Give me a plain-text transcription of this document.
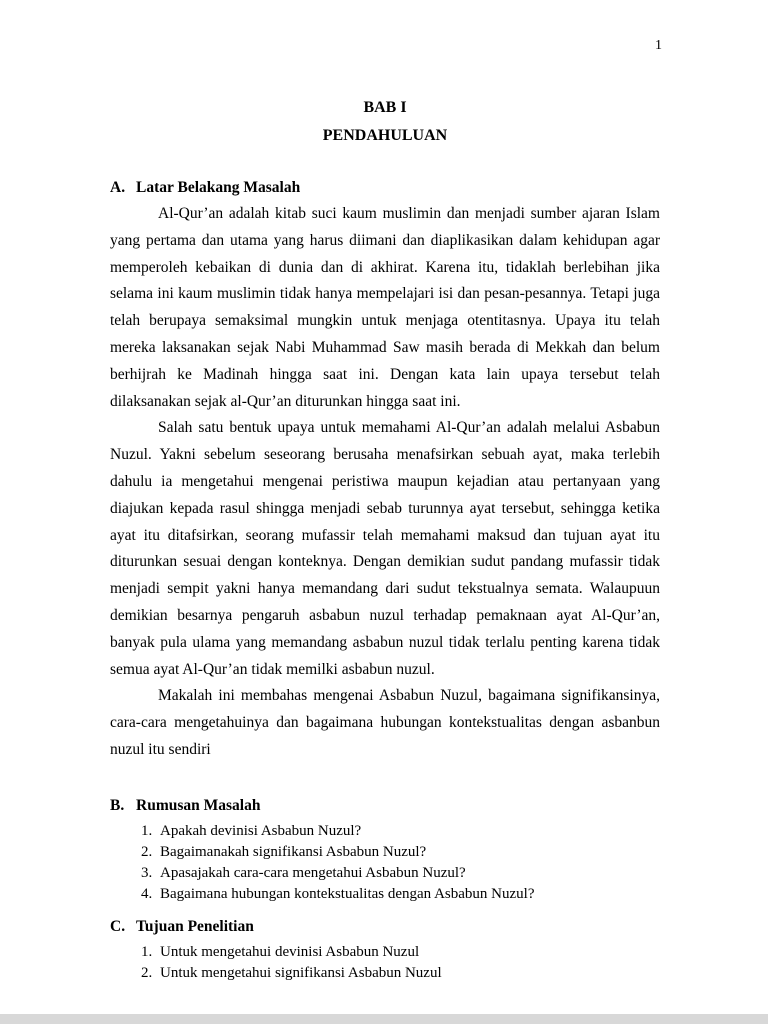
1
BAB I
PENDAHULUAN

A. Latar Belakang Masalah

Al-Qur’an adalah kitab suci kaum muslimin dan menjadi sumber ajaran Islam yang pertama dan utama yang harus diimani dan diaplikasikan dalam kehidupan agar memperoleh kebaikan di dunia dan di akhirat. Karena itu, tidaklah berlebihan jika selama ini kaum muslimin tidak hanya mempelajari isi dan pesan-pesannya. Tetapi juga telah berupaya semaksimal mungkin untuk menjaga otentitasnya. Upaya itu telah mereka laksanakan sejak Nabi Muhammad Saw masih berada di Mekkah dan belum berhijrah ke Madinah hingga saat ini. Dengan kata lain upaya tersebut telah dilaksanakan sejak al-Qur’an diturunkan hingga saat ini.

Salah satu bentuk upaya untuk memahami Al-Qur’an adalah melalui Asbabun Nuzul. Yakni sebelum seseorang berusaha menafsirkan sebuah ayat, maka terlebih dahulu ia mengetahui mengenai peristiwa maupun kejadian atau pertanyaan yang diajukan kepada rasul shingga menjadi sebab turunnya ayat tersebut, sehingga ketika ayat itu ditafsirkan, seorang mufassir telah memahami maksud dan tujuan ayat itu diturunkan sesuai dengan konteknya. Dengan demikian sudut pandang mufassir tidak menjadi sempit yakni hanya memandang dari sudut tekstualnya semata. Walaupuun demikian besarnya pengaruh asbabun nuzul terhadap pemaknaan ayat Al-Qur’an, banyak pula ulama yang memandang asbabun nuzul tidak terlalu penting karena tidak semua ayat Al-Qur’an tidak memilki asbabun nuzul.

Makalah ini membahas mengenai Asbabun Nuzul, bagaimana signifikansinya, cara-cara mengetahuinya dan bagaimana hubungan kontekstualitas dengan asbanbun nuzul itu sendiri

B. Rumusan Masalah

1. Apakah devinisi Asbabun Nuzul?
2. Bagaimanakah signifikansi Asbabun Nuzul?
3. Apasajakah cara-cara mengetahui Asbabun Nuzul?
4. Bagaimana hubungan kontekstualitas dengan Asbabun Nuzul?

C. Tujuan Penelitian

1. Untuk mengetahui devinisi Asbabun Nuzul
2. Untuk mengetahui signifikansi Asbabun Nuzul
